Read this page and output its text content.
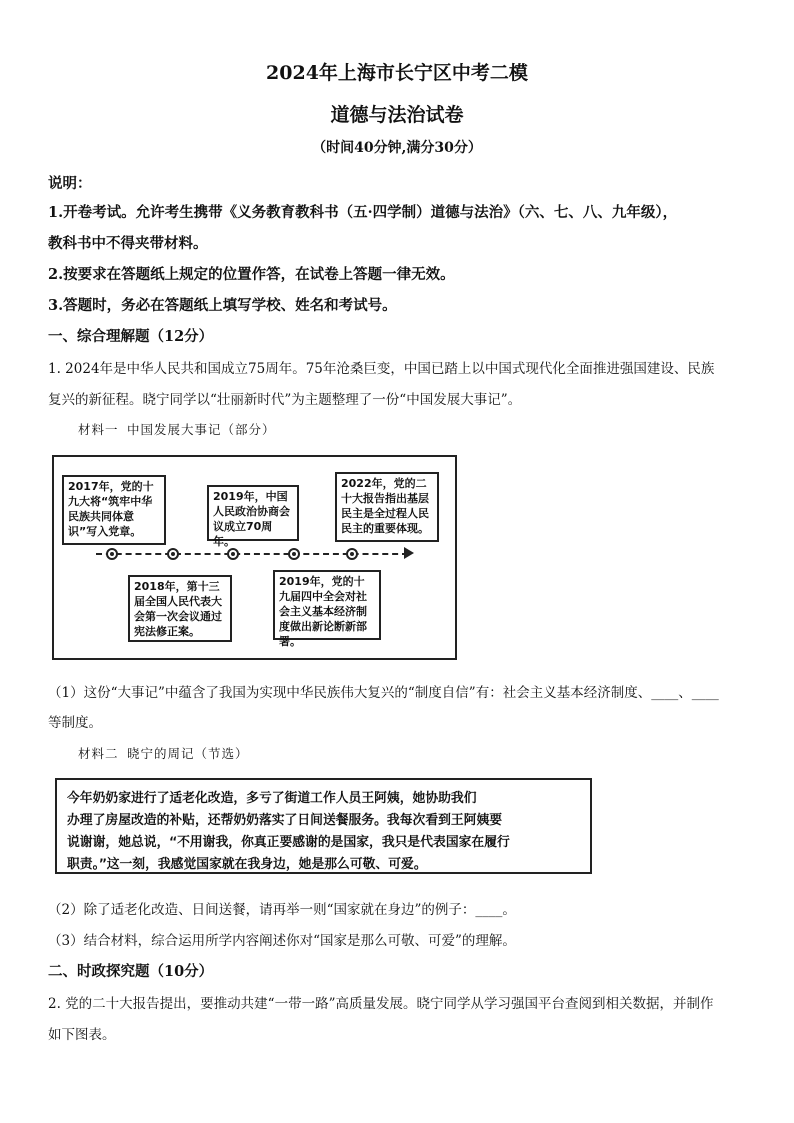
2024年上海市长宁区中考二模
道德与法治试卷
（时间40分钟,满分30分）
说明：
1.开卷考试。允许考生携带《义务教育教科书（五·四学制）道德与法治》（六、七、八、九年级），
教科书中不得夹带材料。
2.按要求在答题纸上规定的位置作答，在试卷上答题一律无效。
3.答题时，务必在答题纸上填写学校、姓名和考试号。
一、综合理解题（12分）
1. 2024年是中华人民共和国成立75周年。75年沧桑巨变，中国已踏上以中国式现代化全面推进强国建设、民族
复兴的新征程。晓宁同学以“壮丽新时代”为主题整理了一份“中国发展大事记”。
材料一 中国发展大事记（部分）
2017年，党的十九大将“筑牢中华民族共同体意识”写入党章。
2019年，中国人民政治协商会议成立70周年。
2022年，党的二十大报告指出基层民主是全过程人民民主的重要体现。
2018年，第十三届全国人民代表大会第一次会议通过宪法修正案。
2019年，党的十九届四中全会对社会主义基本经济制度做出新论断新部署。
（1）这份“大事记”中蕴含了我国为实现中华民族伟大复兴的“制度自信”有：社会主义基本经济制度、____、____
等制度。
材料二 晓宁的周记（节选）
今年奶奶家进行了适老化改造，多亏了街道工作人员王阿姨，她协助我们
办理了房屋改造的补贴，还帮奶奶落实了日间送餐服务。我每次看到王阿姨要
说谢谢，她总说，“不用谢我，你真正要感谢的是国家，我只是代表国家在履行
职责。”这一刻，我感觉国家就在我身边，她是那么可敬、可爱。
（2）除了适老化改造、日间送餐，请再举一则“国家就在身边”的例子：____。
（3）结合材料，综合运用所学内容阐述你对“国家是那么可敬、可爱”的理解。
二、时政探究题（10分）
2. 党的二十大报告提出，要推动共建“一带一路”高质量发展。晓宁同学从学习强国平台查阅到相关数据，并制作
如下图表。
